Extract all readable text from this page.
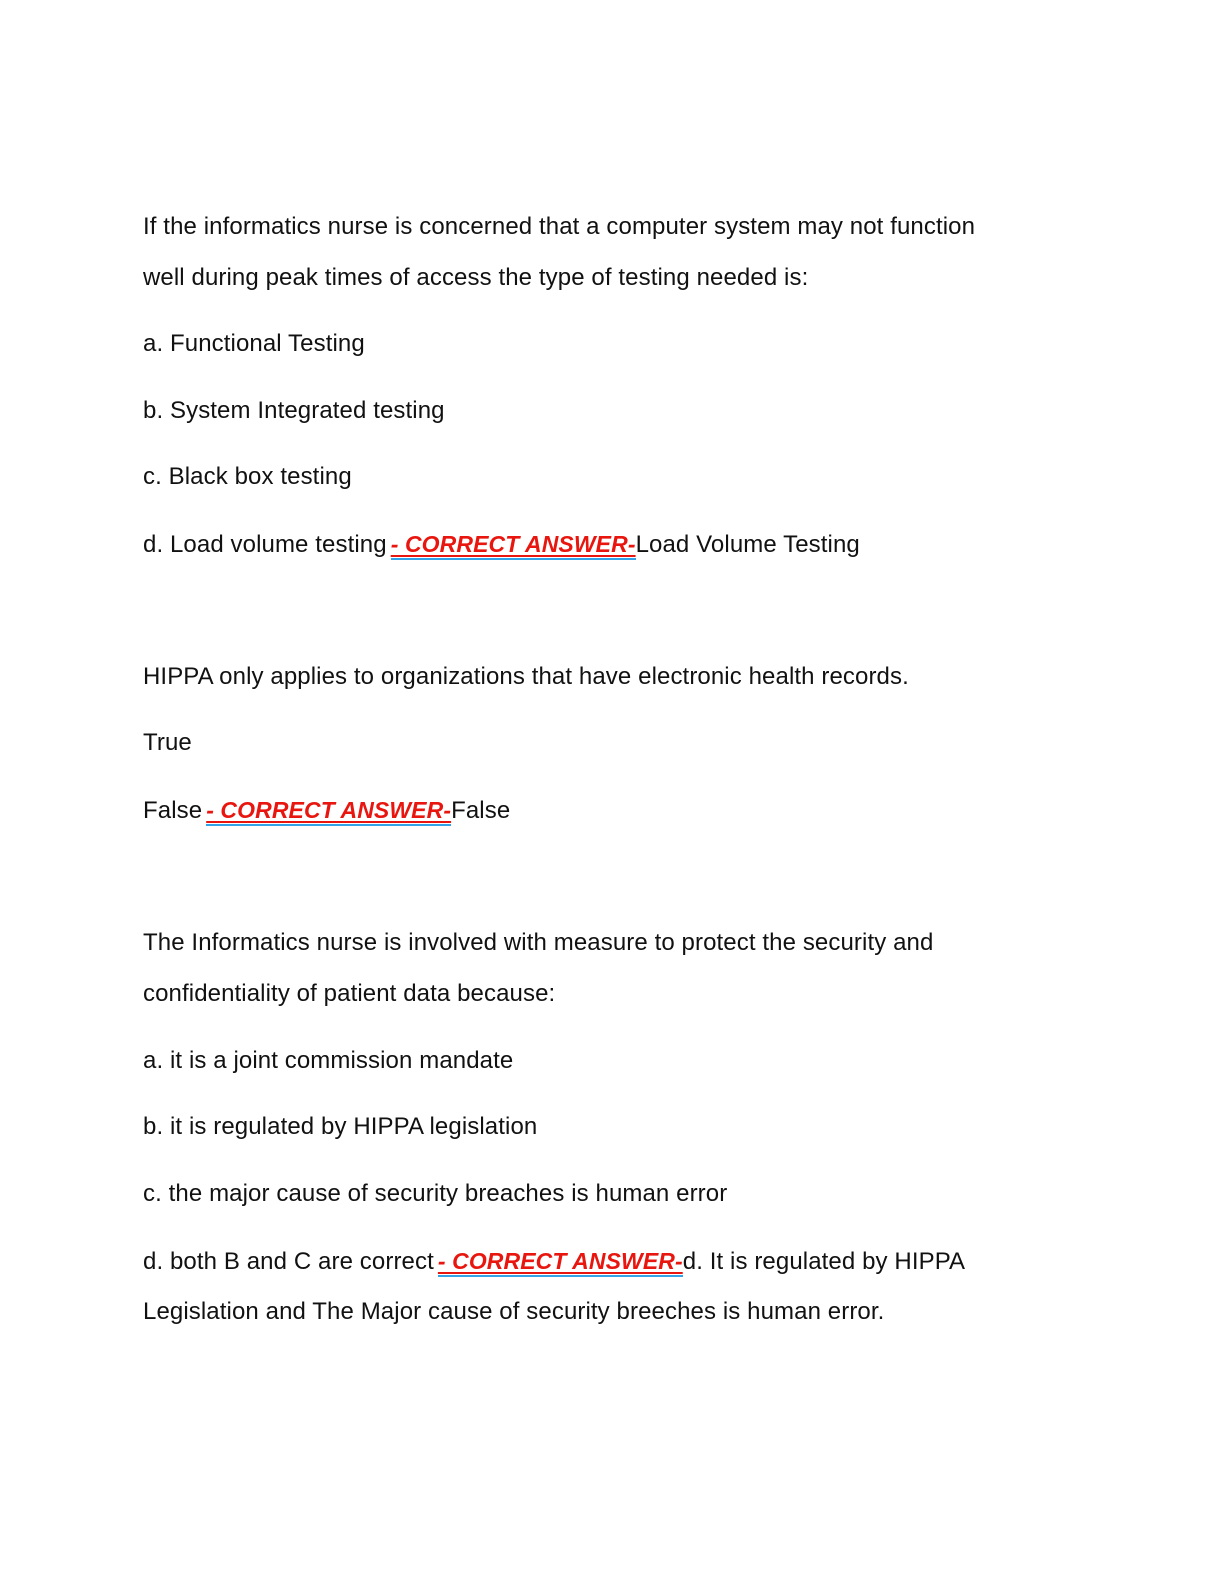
If the informatics nurse is concerned that a computer system may not function
well during peak times of access the type of testing needed is:
a. Functional Testing
b. System Integrated testing
c. Black box testing
d. Load volume testing - CORRECT ANSWER-Load Volume Testing
HIPPA only applies to organizations that have electronic health records.
True
False - CORRECT ANSWER-False
The Informatics nurse is involved with measure to protect the security and
confidentiality of patient data because:
a. it is a joint commission mandate
b. it is regulated by HIPPA legislation
c. the major cause of security breaches is human error
d. both B and C are correct - CORRECT ANSWER-d. It is regulated by HIPPA
Legislation and The Major cause of security breeches is human error.
